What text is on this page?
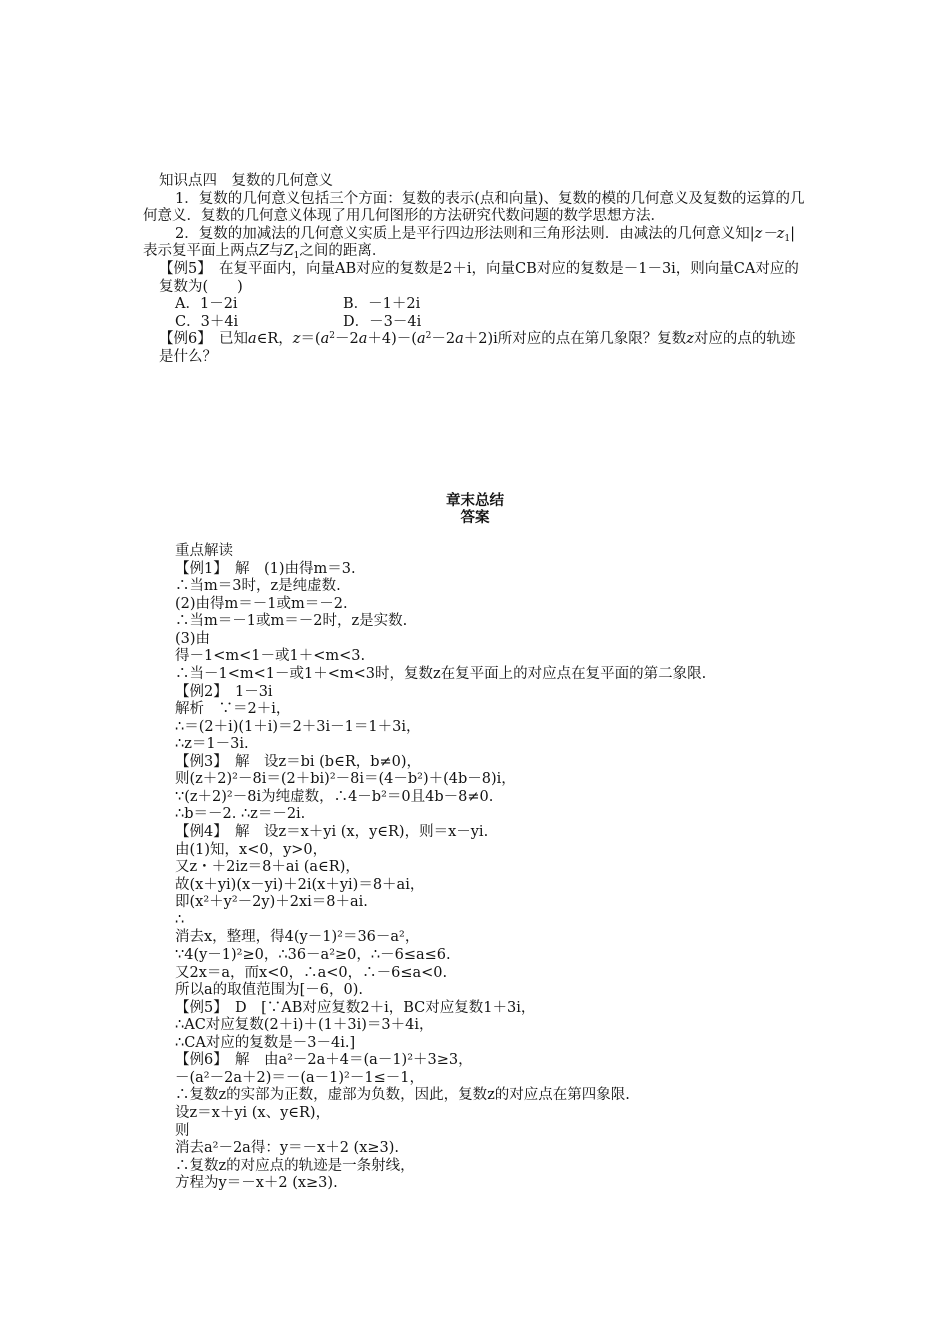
知识点四　复数的几何意义

1．复数的几何意义包括三个方面：复数的表示(点和向量)、复数的模的几何意义及复数的运算的几何意义．复数的几何意义体现了用几何图形的方法研究代数问题的数学思想方法．

2．复数的加减法的几何意义实质上是平行四边形法则和三角形法则．由减法的几何意义知$|z-z_1|$表示复平面上两点Z与$Z_1$之间的距离．

【例5】　在复平面内，向量AB对应的复数是2＋i，向量CB对应的复数是－1－3i，则向量CA对应的复数为(　　)

A．1－2i	B．－1＋2i
C．3＋4i	D．－3－4i

【例6】　已知a∈R，$z=(a^2-2a+4)-(a^2-2a+2)i$所对应的点在第几象限？复数z对应的点的轨迹是什么？

章末总结
答案
重点解读
【例1】　解　(1)由得m＝3.
∴当m＝3时，z是纯虚数.
(2)由得m＝－1或m＝－2.
∴当m＝－1或m＝－2时，z是实数.
(3)由
得－1<m<1－或1＋<m<3.
∴当－1<m<1－或1＋<m<3时，复数z在复平面上的对应点在复平面的第二象限.
【例2】　1－3i
解析　∵＝2＋i，
∴＝(2＋i)(1＋i)＝2＋3i－1＝1＋3i，
∴z＝1－3i.
【例3】　解　设z＝bi (b∈R，b≠0)，
则(z＋2)²－8i＝(2＋bi)²－8i＝(4－b²)＋(4b－8)i，
∵(z＋2)²－8i为纯虚数，∴4－b²＝0且4b－8≠0.
∴b＝－2. ∴z＝－2i.
【例4】　解　设z＝x＋yi (x，y∈R)，则＝x－yi.
由(1)知，x<0，y>0，
又z・＋2iz＝8＋ai (a∈R)，
故(x＋yi)(x－yi)＋2i(x＋yi)＝8＋ai，
即(x²＋y²－2y)＋2xi＝8＋ai.
∴
消去x，整理，得4(y－1)²＝36－a²，
∵4(y－1)²≥0，∴36－a²≥0，∴－6≤a≤6.
又2x＝a，而x<0，∴a<0，∴－6≤a<0.
所以a的取值范围为[－6，0).
【例5】　D　[∵AB对应复数2＋i，BC对应复数1＋3i，
∴AC对应复数(2＋i)＋(1＋3i)＝3＋4i，
∴CA对应的复数是－3－4i.]
【例6】　解　由a²－2a＋4＝(a－1)²＋3≥3，
－(a²－2a＋2)＝－(a－1)²－1≤－1，
∴复数z的实部为正数，虚部为负数，因此，复数z的对应点在第四象限.
设z＝x＋yi (x、y∈R)，
则
消去a²－2a得：y＝－x＋2 (x≥3).
∴复数z的对应点的轨迹是一条射线，
方程为y＝－x＋2 (x≥3).
